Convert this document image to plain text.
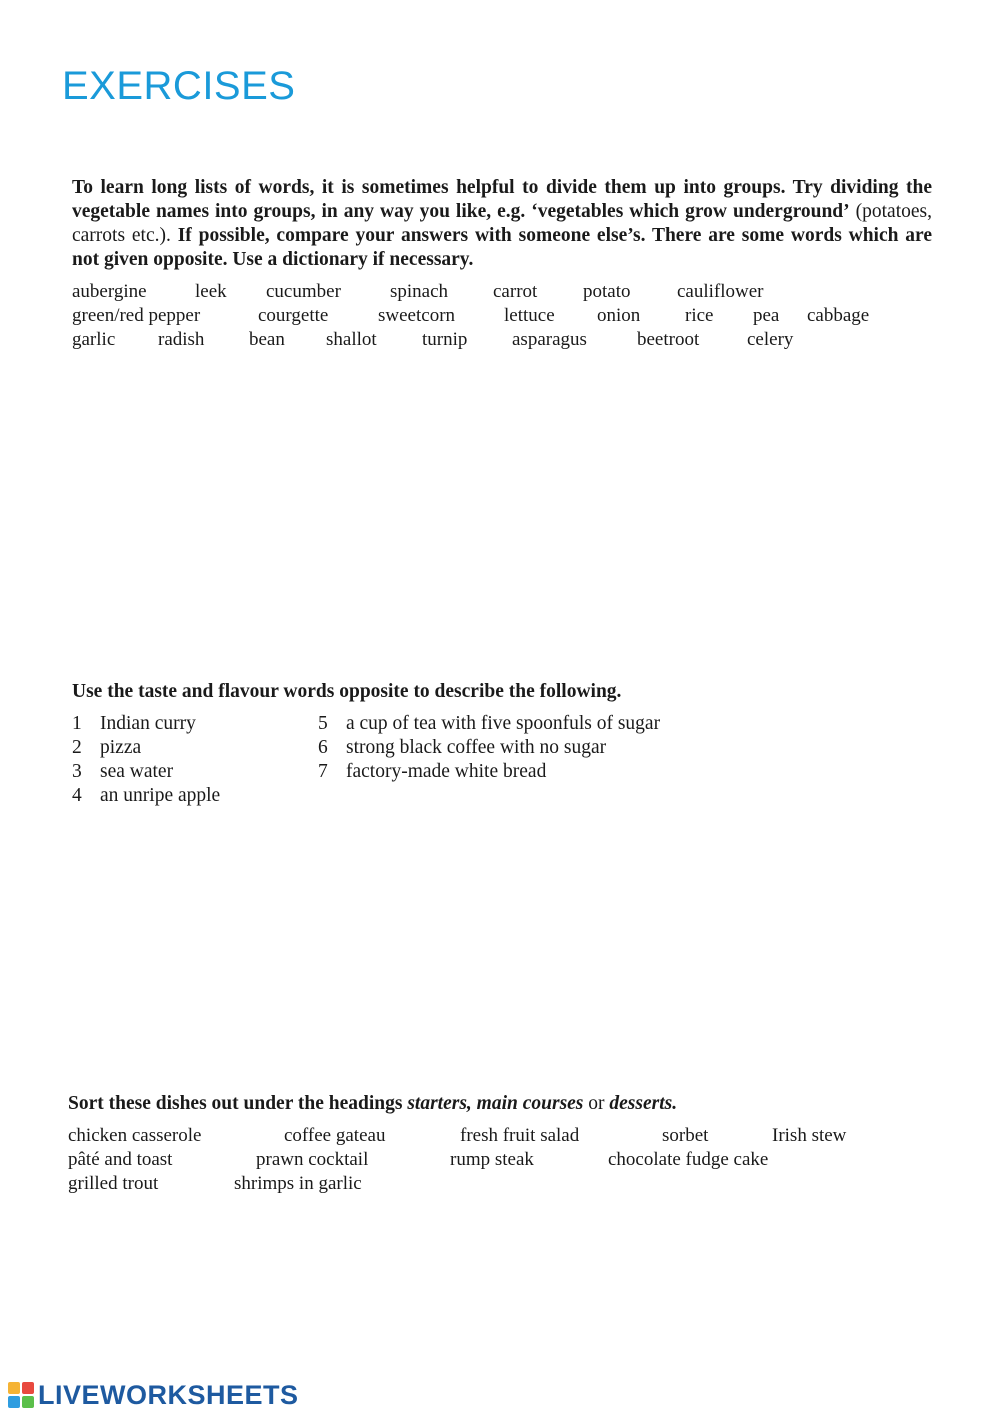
EXERCISES

To learn long lists of words, it is sometimes helpful to divide them up into groups. Try dividing the vegetable names into groups, in any way you like, e.g. ‘vegetables which grow underground’ (potatoes, carrots etc.). If possible, compare your answers with someone else’s. There are some words which are not given opposite. Use a dictionary if necessary.

aubergine	leek cucumber	spinach carrot potato cauliflower
green/red pepper	courgette	sweetcorn	lettuce onion rice pea cabbage
garlic radish bean shallot turnip asparagus	beetroot	celery

Use the taste and flavour words opposite to describe the following.

1 Indian curry	5 a cup of tea with five spoonfuls of sugar
2 pizza	6 strong black coffee with no sugar
3 sea water	7 factory-made white bread
4 an unripe apple

Sort these dishes out under the headings starters, main courses or desserts.

chicken casserole	coffee gateau	fresh fruit salad	sorbet	Irish stew
pâté and toast	prawn cocktail	rump steak	chocolate fudge cake
grilled trout	shrimps in garlic
LIVEWORKSHEETS
